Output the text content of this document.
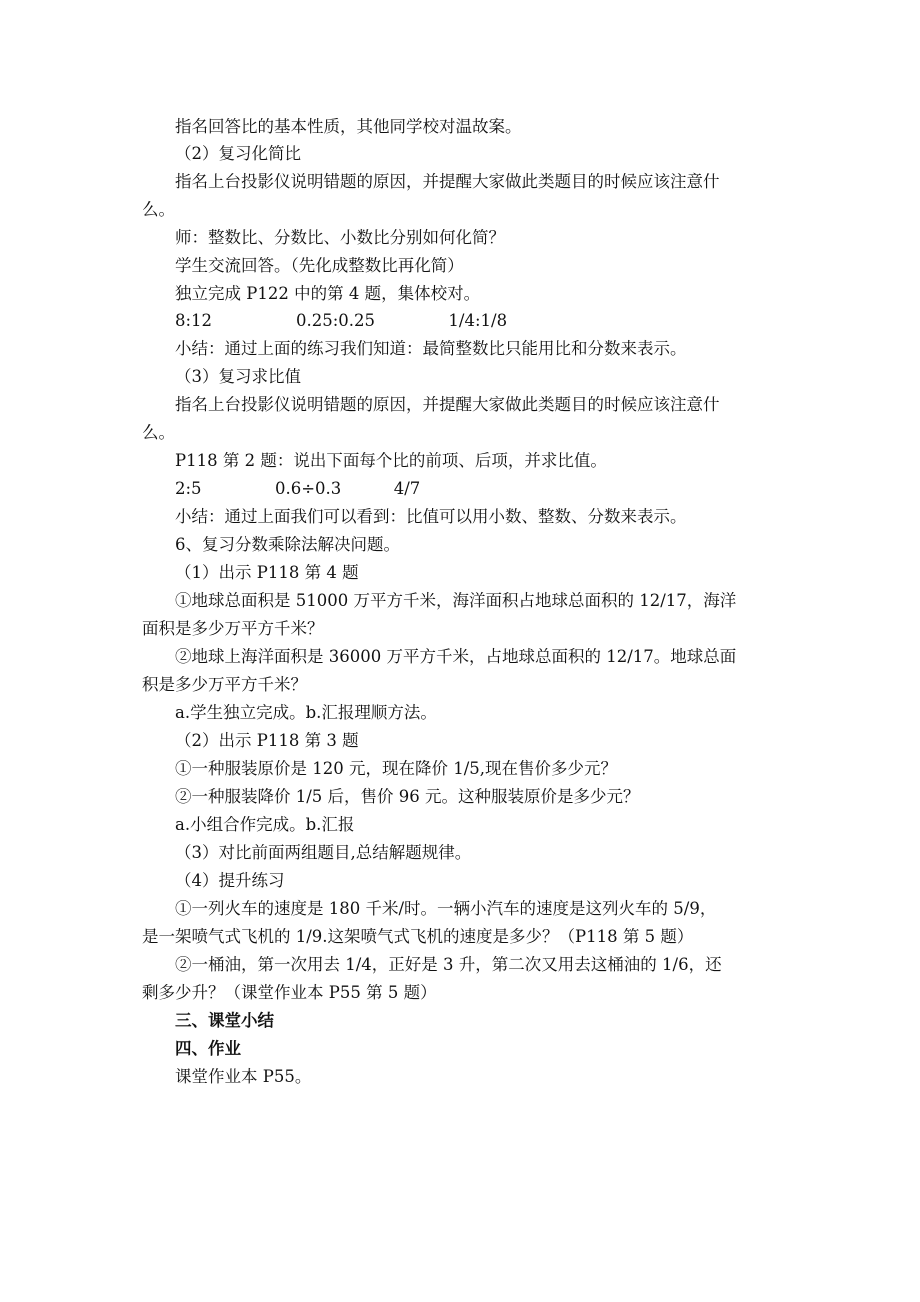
指名回答比的基本性质，其他同学校对温故案。
（2）复习化简比
指名上台投影仪说明错题的原因，并提醒大家做此类题目的时候应该注意什
么。
师：整数比、分数比、小数比分别如何化简？
学生交流回答。（先化成整数比再化简）
独立完成 P122 中的第 4 题，集体校对。
8:12                0.25:0.25              1/4:1/8
小结：通过上面的练习我们知道：最简整数比只能用比和分数来表示。
（3）复习求比值
指名上台投影仪说明错题的原因，并提醒大家做此类题目的时候应该注意什
么。
P118 第 2 题：说出下面每个比的前项、后项，并求比值。
2:5              0.6÷0.3          4/7
小结：通过上面我们可以看到：比值可以用小数、整数、分数来表示。
6、复习分数乘除法解决问题。
（1）出示 P118 第 4 题
①地球总面积是 51000 万平方千米，海洋面积占地球总面积的 12/17，海洋
面积是多少万平方千米？
②地球上海洋面积是 36000 万平方千米，占地球总面积的 12/17。地球总面
积是多少万平方千米？
a.学生独立完成。b.汇报理顺方法。
（2）出示 P118 第 3 题
①一种服装原价是 120 元，现在降价 1/5,现在售价多少元？
②一种服装降价 1/5 后，售价 96 元。这种服装原价是多少元？
a.小组合作完成。b.汇报
（3）对比前面两组题目,总结解题规律。
（4）提升练习
①一列火车的速度是 180 千米/时。一辆小汽车的速度是这列火车的 5/9，
是一架喷气式飞机的 1/9.这架喷气式飞机的速度是多少？（P118 第 5 题）
②一桶油，第一次用去 1/4，正好是 3 升，第二次又用去这桶油的 1/6，还
剩多少升？（课堂作业本 P55 第 5 题）
三、课堂小结
四、作业
课堂作业本 P55。
